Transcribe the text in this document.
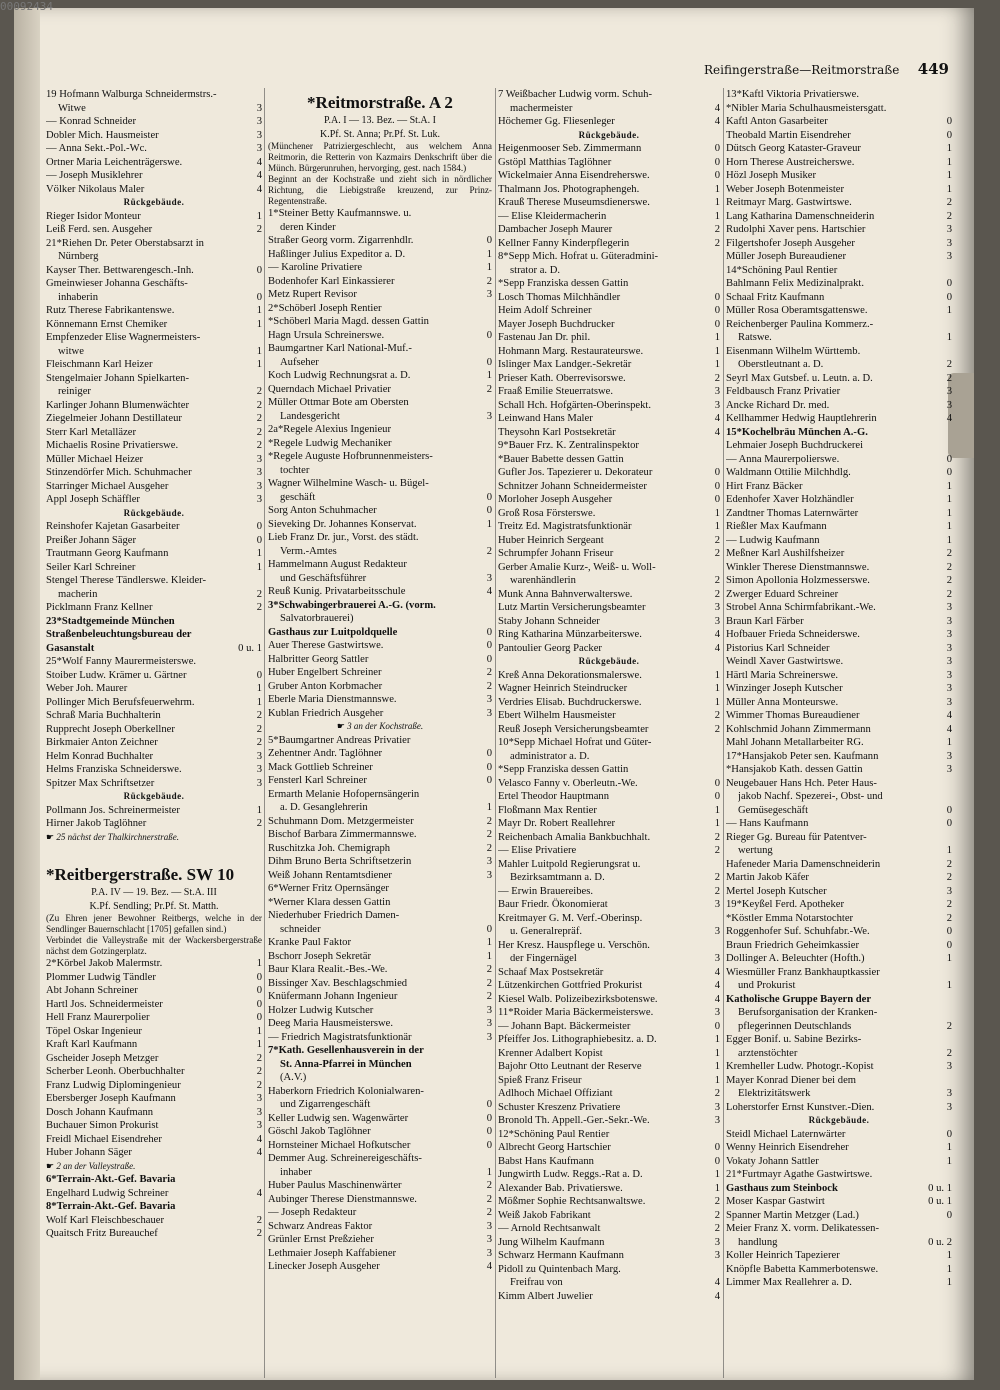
Reifingerstraße—Reitmorstraße 449
19 Hofmann Walburga Schneidermstrs.-
Witwe	3
— Konrad Schneider	3
Dobler Mich. Hausmeister	3
— Anna Sekt.-Pol.-Wc.	3
Ortner Maria Leichenträgerswe.	4
— Joseph Musiklehrer	4
Völker Nikolaus Maler	4
Rückgebäude.
Rieger Isidor Monteur	1
Leiß Ferd. sen. Ausgeher	2
21*Riehen Dr. Peter Oberstabsarzt in
Nürnberg
Kayser Ther. Bettwarengesch.-Inh.	0
Gmeinwieser Johanna Geschäfts-
inhaberin	0
Rutz Therese Fabrikantenswe.	1
Könnemann Ernst Chemiker	1
Empfenzeder Elise Wagnermeisters-
witwe	1
Fleischmann Karl Heizer	1
Stengelmaier Johann Spielkarten-
reiniger	2
Karlinger Johann Blumenwächter	2
Ziegelmeier Johann Destillateur	2
Sterr Karl Metalläzer	2
Michaelis Rosine Privatierswe.	2
Müller Michael Heizer	3
Stinzendörfer Mich. Schuhmacher	3
Starringer Michael Ausgeher	3
Appl Joseph Schäffler	3
Rückgebäude.
Reinshofer Kajetan Gasarbeiter	0
Preißer Johann Säger	0
Trautmann Georg Kaufmann	1
Seiler Karl Schreiner	1
Stengel Therese Tändlerswe. Kleider-
macherin	2
Picklmann Franz Kellner	2
23*Stadtgemeinde München
Straßenbeleuchtungsbureau der
Gasanstalt	0 u. 1
25*Wolf Fanny Maurermeisterswe.
Stoiber Ludw. Krämer u. Gärtner	0
Weber Joh. Maurer	1
Pollinger Mich Berufsfeuerwehrm.	1
Schraß Maria Buchhalterin	2
Rupprecht Joseph Oberkellner	2
Birkmaier Anton Zeichner	2
Helm Konrad Buchhalter	3
Helms Franziska Schneiderswe.	3
Spitzer Max Schriftsetzer	3
Rückgebäude.
Pollmann Jos. Schreinermeister	1
Hirner Jakob Taglöhner	2
☛ 25 nächst der Thalkirchnerstraße.
*Reitbergerstraße. SW 10
P.A. IV — 19. Bez. — St.A. III
K.Pf. Sendling; Pr.Pf. St. Matth.
(Zu Ehren jener Bewohner Reitbergs, welche in der Sendlinger Bauernschlacht [1705] gefallen sind.)
Verbindet die Valleystraße mit der Wackersbergerstraße nächst dem Gotzingerplatz.
2*Körbel Jakob Malermstr.	1
Plommer Ludwig Tändler	0
Abt Johann Schreiner	0
Hartl Jos. Schneidermeister	0
Hell Franz Maurerpolier	0
Töpel Oskar Ingenieur	1
Kraft Karl Kaufmann	1
Gscheider Joseph Metzger	2
Scherber Leonh. Oberbuchhalter	2
Franz Ludwig Diplomingenieur	2
Ebersberger Joseph Kaufmann	3
Dosch Johann Kaufmann	3
Buchauer Simon Prokurist	3
Freidl Michael Eisendreher	4
Huber Johann Säger	4
☛ 2 an der Valleystraße.
6*Terrain-Akt.-Gef. Bavaria
Engelhard Ludwig Schreiner	4
8*Terrain-Akt.-Gef. Bavaria
Wolf Karl Fleischbeschauer	2
Quaitsch Fritz Bureauchef	2
*Reitmorstraße. A 2
P.A. I — 13. Bez. — St.A. I
K.Pf. St. Anna; Pr.Pf. St. Luk.
(Münchener Patriziergeschlecht, aus welchem Anna Reitmorin, die Retterin von Kazmairs Denkschrift über die Münch. Bürgerunruhen, hervorging, gest. nach 1584.)
Beginnt an der Kochstraße und zieht sich in nördlicher Richtung, die Liebigstraße kreuzend, zur Prinz-Regentenstraße.
1*Steiner Betty Kaufmannswe. u.
deren Kinder
Straßer Georg vorm. Zigarrenhdlr.	0
Haßlinger Julius Expeditor a. D.	1
— Karoline Privatiere	1
Bodenhofer Karl Einkassierer	2
Metz Rupert Revisor	3
2*Schöberl Joseph Rentier
*Schöberl Maria Magd. dessen Gattin
Hagn Ursula Schreinerswe.	0
Baumgartner Karl National-Muf.-
Aufseher	0
Koch Ludwig Rechnungsrat a. D.	1
Querndach Michael Privatier	2
Müller Ottmar Bote am Obersten
Landesgericht	3
2a*Regele Alexius Ingenieur
*Regele Ludwig Mechaniker
*Regele Auguste Hofbrunnenmeisters-
tochter
Wagner Wilhelmine Wasch- u. Bügel-
geschäft	0
Sorg Anton Schuhmacher	0
Sieveking Dr. Johannes Konservat.	1
Lieb Franz Dr. jur., Vorst. des städt.
Verm.-Amtes	2
Hammelmann August Redakteur
und Geschäftsführer	3
Reuß Kunig. Privatarbeitsschule	4
3*Schwabingerbrauerei A.-G. (vorm.
Salvatorbrauerei)
Gasthaus zur Luitpoldquelle	0
Auer Therese Gastwirtswe.	0
Halbritter Georg Sattler	0
Huber Engelbert Schreiner	2
Gruber Anton Korbmacher	2
Eberle Maria Dienstmannswe.	3
Kublan Friedrich Ausgeher	3
☛ 3 an der Kochstraße.
5*Baumgartner Andreas Privatier
Zehentner Andr. Taglöhner	0
Mack Gottlieb Schreiner	0
Fensterl Karl Schreiner	0
Ermarth Melanie Hofopernsängerin
a. D. Gesanglehrerin	1
Schuhmann Dom. Metzgermeister	2
Bischof Barbara Zimmermannswe.	2
Ruschitzka Joh. Chemigraph	2
Dihm Bruno Berta Schriftsetzerin	3
Weiß Johann Rentamtsdiener	3
6*Werner Fritz Opernsänger
*Werner Klara dessen Gattin
Niederhuber Friedrich Damen-
schneider	0
Kranke Paul Faktor	1
Bschorr Joseph Sekretär	1
Baur Klara Realit.-Bes.-We.	2
Bissinger Xav. Beschlagschmied	2
Knüfermann Johann Ingenieur	2
Holzer Ludwig Kutscher	3
Deeg Maria Hausmeisterswe.	3
— Friedrich Magistratsfunktionär	3
7*Kath. Gesellenhausverein in der
St. Anna-Pfarrei in München
(A.V.)
Haberkorn Friedrich Kolonialwaren-
und Zigarrengeschäft	0
Keller Ludwig sen. Wagenwärter	0
Göschl Jakob Taglöhner	0
Hornsteiner Michael Hofkutscher	0
Demmer Aug. Schreinereigeschäfts-
inhaber	1
Huber Paulus Maschinenwärter	2
Aubinger Therese Dienstmannswe.	2
— Joseph Redakteur	2
Schwarz Andreas Faktor	3
Grünler Ernst Preßzieher	3
Lethmaier Joseph Kaffabiener	3
Linecker Joseph Ausgeher	4
7 Weißbacher Ludwig vorm. Schuh-
machermeister	4
Höchemer Gg. Fliesenleger	4
Rückgebäude.
Heigenmooser Seb. Zimmermann	0
Gstöpl Matthias Taglöhner	0
Wickelmaier Anna Eisendreherswe.	0
Thalmann Jos. Photographengeh.	1
Krauß Therese Museumsdienerswe.	1
— Elise Kleidermacherin	1
Dambacher Joseph Maurer	2
Kellner Fanny Kinderpflegerin	2
8*Sepp Mich. Hofrat u. Güteradmini-
strator a. D.
*Sepp Franziska dessen Gattin
Losch Thomas Milchhändler	0
Heim Adolf Schreiner	0
Mayer Joseph Buchdrucker	0
Fastenau Jan Dr. phil.	1
Hohmann Marg. Restaurateurswe.	1
Islinger Max Landger.-Sekretär	1
Prieser Kath. Oberrevisorswe.	2
Fraaß Emilie Steuerratswe.	3
Schall Hch. Hofgärten-Oberinspekt.	3
Leinwand Hans Maler	4
Theysohn Karl Postsekretär	4
9*Bauer Frz. K. Zentralinspektor
*Bauer Babette dessen Gattin
Gufler Jos. Tapezierer u. Dekorateur	0
Schnitzer Johann Schneidermeister	0
Morloher Joseph Ausgeher	0
Groß Rosa Försterswe.	1
Treitz Ed. Magistratsfunktionär	1
Huber Heinrich Sergeant	2
Schrumpfer Johann Friseur	2
Gerber Amalie Kurz-, Weiß- u. Woll-
warenhändlerin	2
Munk Anna Bahnverwalterswe.	2
Lutz Martin Versicherungsbeamter	3
Staby Johann Schneider	3
Ring Katharina Münzarbeiterswe.	4
Pantoulier Georg Packer	4
Rückgebäude.
Kreß Anna Dekorationsmalerswe.	1
Wagner Heinrich Steindrucker	1
Verdries Elisab. Buchdruckerswe.	1
Ebert Wilhelm Hausmeister	2
Reuß Joseph Versicherungsbeamter	2
10*Sepp Michael Hofrat und Güter-
administrator a. D.
*Sepp Franziska dessen Gattin
Velasco Fanny v. Oberleutn.-We.	0
Ertel Theodor Hauptmann	0
Floßmann Max Rentier	1
Mayr Dr. Robert Reallehrer	1
Reichenbach Amalia Bankbuchhalt.	2
— Elise Privatiere	2
Mahler Luitpold Regierungsrat u.
Bezirksamtmann a. D.	2
— Erwin Brauereibes.	2
Baur Friedr. Ökonomierat	3
Kreitmayer G. M. Verf.-Oberinsp.
u. Generalrepräf.	3
Her Kresz. Hauspflege u. Verschön.
der Fingernägel	3
Schaaf Max Postsekretär	4
Lützenkirchen Gottfried Prokurist	4
Kiesel Walb. Polizeibezirksbotenswe.	4
11*Roider Maria Bäckermeisterswe.	3
— Johann Bapt. Bäckermeister	0
Pfeiffer Jos. Lithographiebesitz. a. D.	1
Krenner Adalbert Kopist	1
Bajohr Otto Leutnant der Reserve	1
Spieß Franz Friseur	1
Adlhoch Michael Offiziant	2
Schuster Kreszenz Privatiere	3
Bronold Th. Appell.-Ger.-Sekr.-We.	3
12*Schöning Paul Rentier
Albrecht Georg Hartschier	0
Babst Hans Kaufmann	0
Jungwirth Ludw. Reggs.-Rat a. D.	1
Alexander Bab. Privatierswe.	1
Mößmer Sophie Rechtsanwaltswe.	2
Weiß Jakob Fabrikant	2
— Arnold Rechtsanwalt	2
Jung Wilhelm Kaufmann	3
Schwarz Hermann Kaufmann	3
Pidoll zu Quintenbach Marg.
Freifrau von	4
Kimm Albert Juwelier	4
13*Kaftl Viktoria Privatierswe.
*Nibler Maria Schulhausmeistersgatt.
Kaftl Anton Gasarbeiter	0
Theobald Martin Eisendreher	0
Dütsch Georg Kataster-Graveur	1
Horn Therese Austreicherswe.	1
Hözl Joseph Musiker	1
Weber Joseph Botenmeister	1
Reitmayr Marg. Gastwirtswe.	2
Lang Katharina Damenschneiderin	2
Rudolphi Xaver pens. Hartschier	3
Filgertshofer Joseph Ausgeher	3
Müller Joseph Bureaudiener	3
14*Schöning Paul Rentier
Bahlmann Felix Medizinalprakt.	0
Schaal Fritz Kaufmann	0
Müller Rosa Oberamtsgattenswe.	1
Reichenberger Paulina Kommerz.-
Ratswe.	1
Eisenmann Wilhelm Württemb.
Oberstleutnant a. D.	2
Seyrl Max Gutsbef. u. Leutn. a. D.	2
Feldbausch Franz Privatier	3
Ancke Richard Dr. med.	3
Kellhammer Hedwig Hauptlehrerin	4
15*Kochelbräu München A.-G.
Lehmaier Joseph Buchdruckerei
— Anna Maurerpolierswe.	0
Waldmann Ottilie Milchhdlg.	0
Hirt Franz Bäcker	1
Edenhofer Xaver Holzhändler	1
Zandtner Thomas Laternwärter	1
Rießler Max Kaufmann	1
— Ludwig Kaufmann	1
Meßner Karl Aushilfsheizer	2
Winkler Therese Dienstmannswe.	2
Simon Apollonia Holzmesserswe.	2
Zwerger Eduard Schreiner	2
Strobel Anna Schirmfabrikant.-We.	3
Braun Karl Färber	3
Hofbauer Frieda Schneiderswe.	3
Pistorius Karl Schneider	3
Weindl Xaver Gastwirtswe.	3
Härtl Maria Schreinerswe.	3
Winzinger Joseph Kutscher	3
Müller Anna Monteurswe.	3
Wimmer Thomas Bureaudiener	4
Kohlschmid Johann Zimmermann	4
Mahl Johann Metallarbeiter RG.	1
17*Hansjakob Peter sen. Kaufmann	3
*Hansjakob Kath. dessen Gattin	3
Neugebauer Hans Hch. Peter Haus-
jakob Nachf. Spezerei-, Obst- und
Gemüsegeschäft	0
— Hans Kaufmann	0
Rieger Gg. Bureau für Patentver-
wertung	1
Hafeneder Maria Damenschneiderin	2
Martin Jakob Käfer	2
Mertel Joseph Kutscher	3
19*Keyßel Ferd. Apotheker	2
*Köstler Emma Notarstochter	2
Roggenhofer Suf. Schuhfabr.-We.	0
Braun Friedrich Geheimkassier	0
Dollinger A. Beleuchter (Hofth.)	1
Wiesmüller Franz Bankhauptkassier
und Prokurist	1
Katholische Gruppe Bayern der
Berufsorganisation der Kranken-
pflegerinnen Deutschlands	2
Egger Bonif. u. Sabine Bezirks-
arztenstöchter	2
Kremheller Ludw. Photogr.-Kopist	3
Mayer Konrad Diener bei dem
Elektrizitätswerk	3
Loherstorfer Ernst Kunstver.-Dien.	3
Rückgebäude.
Steidl Michael Laternwärter	0
Wenny Heinrich Eisendreher	1
Vokaty Johann Sattler	1
21*Furtmayr Agathe Gastwirtswe.
Gasthaus zum Steinbock	0 u. 1
Moser Kaspar Gastwirt	0 u. 1
Spanner Martin Metzger (Lad.)	0
Meier Franz X. vorm. Delikatessen-
handlung	0 u. 2
Koller Heinrich Tapezierer	1
Knöpfle Babetta Kammerbotenswe.	1
Limmer Max Reallehrer a. D.	1
00092434
